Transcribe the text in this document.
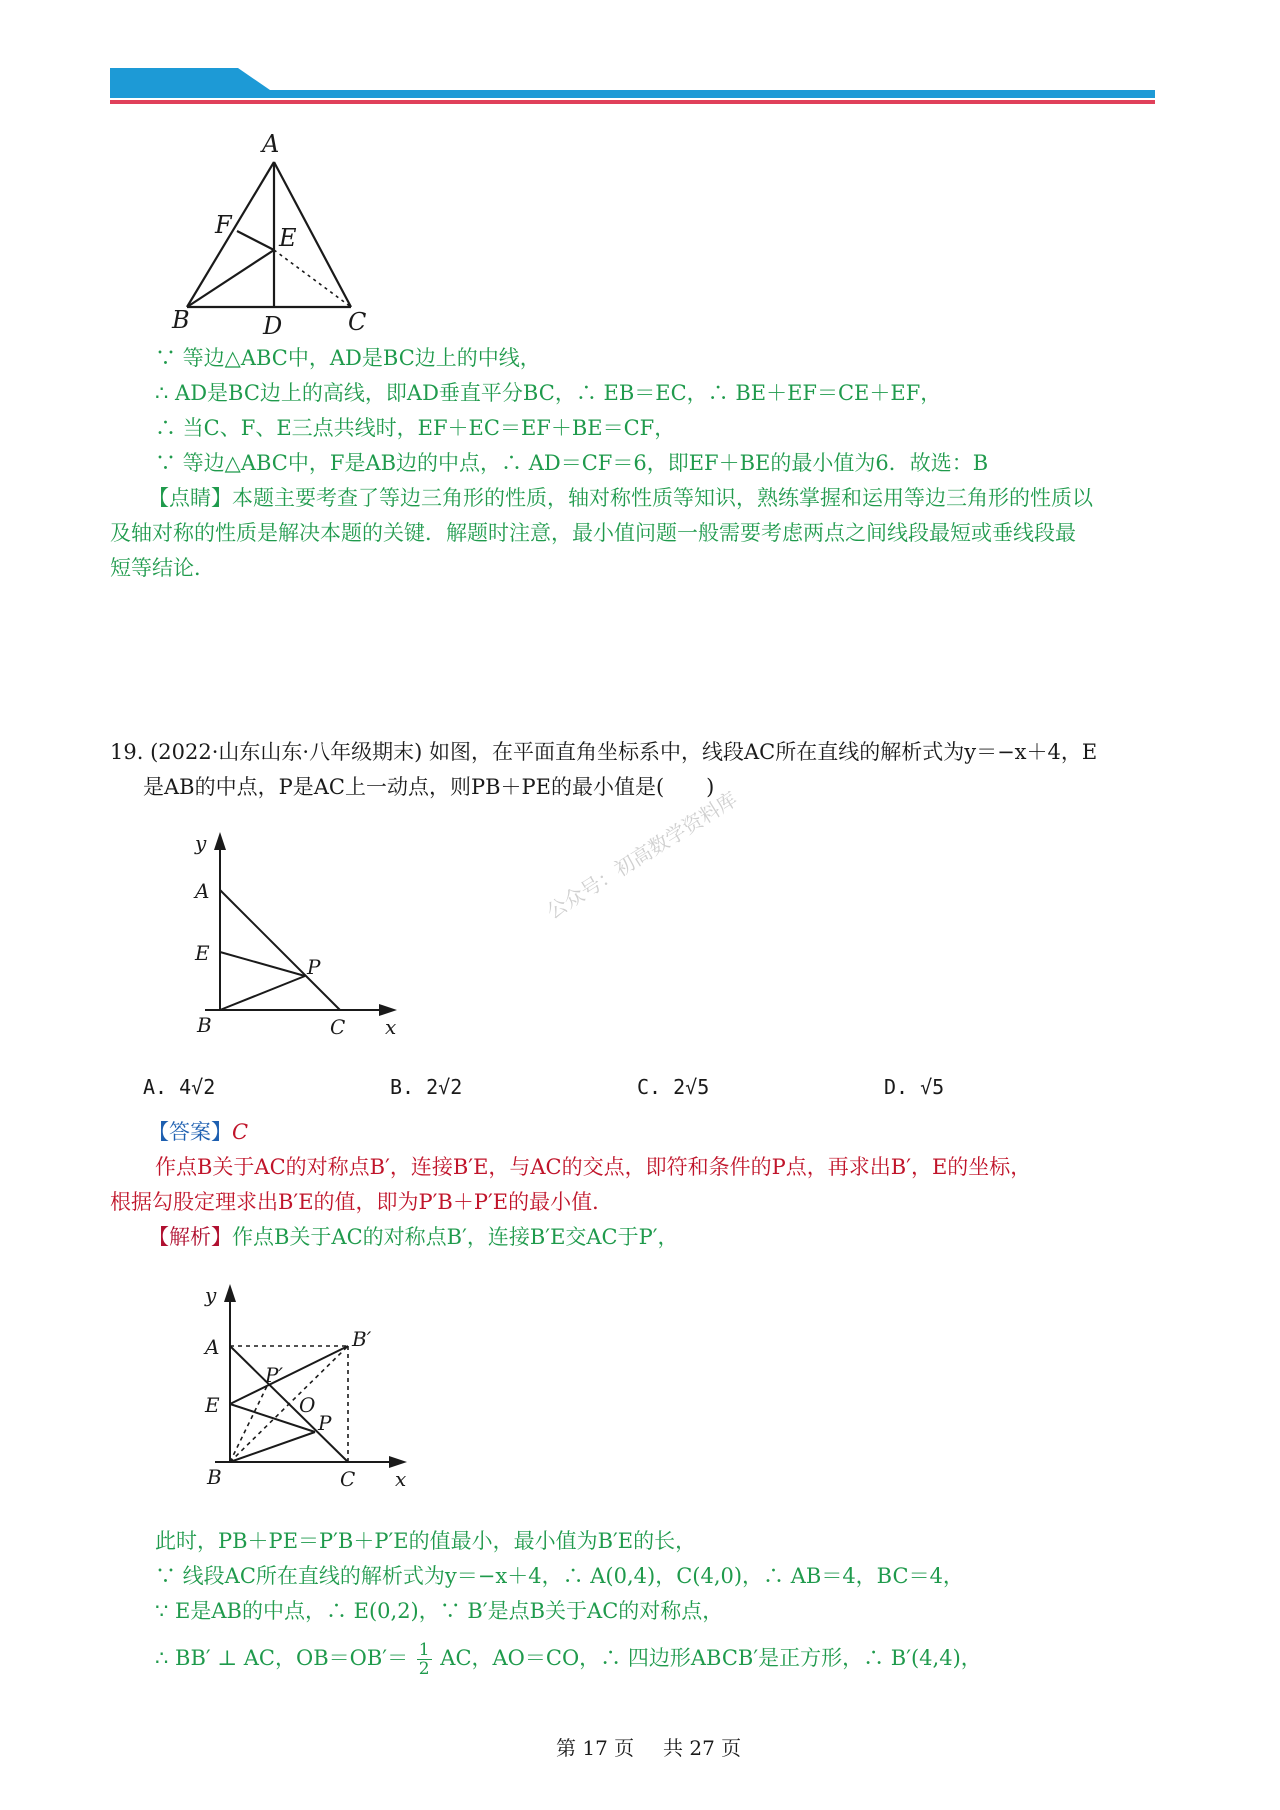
A
F E
B	D	C
∵ 等边△ABC中，AD是BC边上的中线，
∴ AD是BC边上的高线，即AD垂直平分BC，∴ EB＝EC，∴ BE＋EF＝CE＋EF，
∴ 当C、F、E三点共线时，EF＋EC＝EF＋BE＝CF，
∵ 等边△ABC中，F是AB边的中点，∴ AD＝CF＝6，即EF＋BE的最小值为6．故选：B
【点睛】本题主要考查了等边三角形的性质，轴对称性质等知识，熟练掌握和运用等边三角形的性质以
及轴对称的性质是解决本题的关键．解题时注意，最小值问题一般需要考虑两点之间线段最短或垂线段最
短等结论．
19. (2022·山东山东·八年级期末) 如图，在平面直角坐标系中，线段AC所在直线的解析式为y＝−x＋4，E
是AB的中点，P是AC上一动点，则PB＋PE的最小值是(　　)
y
x
A
E
P
B	C
公众号：初高数学资料库
A. 4√2	B. 2√2	C. 2√5	D. √5
【答案】C
作点B关于AC的对称点B′，连接B′E，与AC的交点，即符和条件的P点，再求出B′，E的坐标，
根据勾股定理求出B′E的值，即为P′B＋P′E的最小值．
【解析】作点B关于AC的对称点B′，连接B′E交AC于P′，
y
x
A
E
B	C
B′
P′
O
P
此时，PB＋PE＝P′B＋P′E的值最小，最小值为B′E的长，
∵ 线段AC所在直线的解析式为y＝−x＋4，∴ A(0,4)，C(4,0)，∴ AB＝4，BC＝4，
∵ E是AB的中点，∴ E(0,2)，∵ B′是点B关于AC的对称点，
∴ BB′ ⊥ AC，$OB=OB'= \frac{1}{2}$ AC，AO＝CO，∴ 四边形ABCB′是正方形，∴ B′(4,4)，
第 17 页 共 27 页
